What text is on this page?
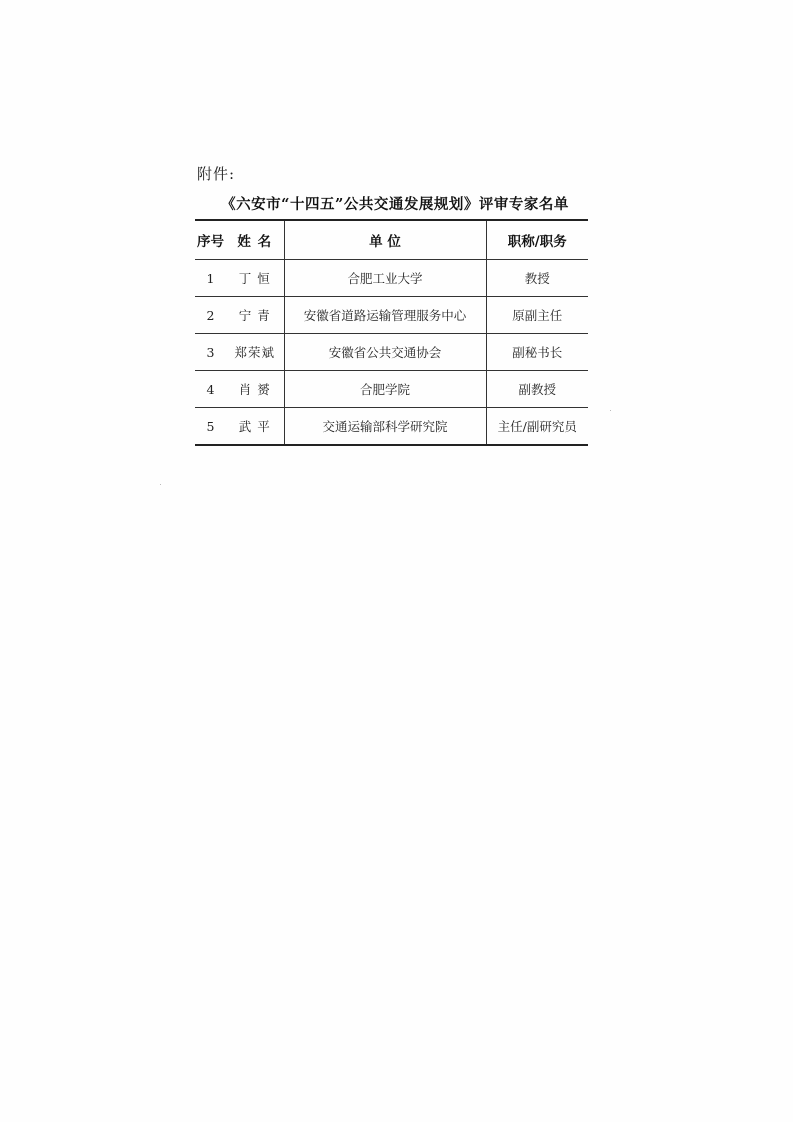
附件:
《六安市“十四五”公共交通发展规划》评审专家名单
序号	姓 名	单 位	职称/职务
1	丁 恒	合肥工业大学	教授
2	宁 青	安徽省道路运输管理服务中心	原副主任
3	郑荣斌	安徽省公共交通协会	副秘书长
4	肖 赟	合肥学院	副教授
5	武 平	交通运输部科学研究院	主任/副研究员
